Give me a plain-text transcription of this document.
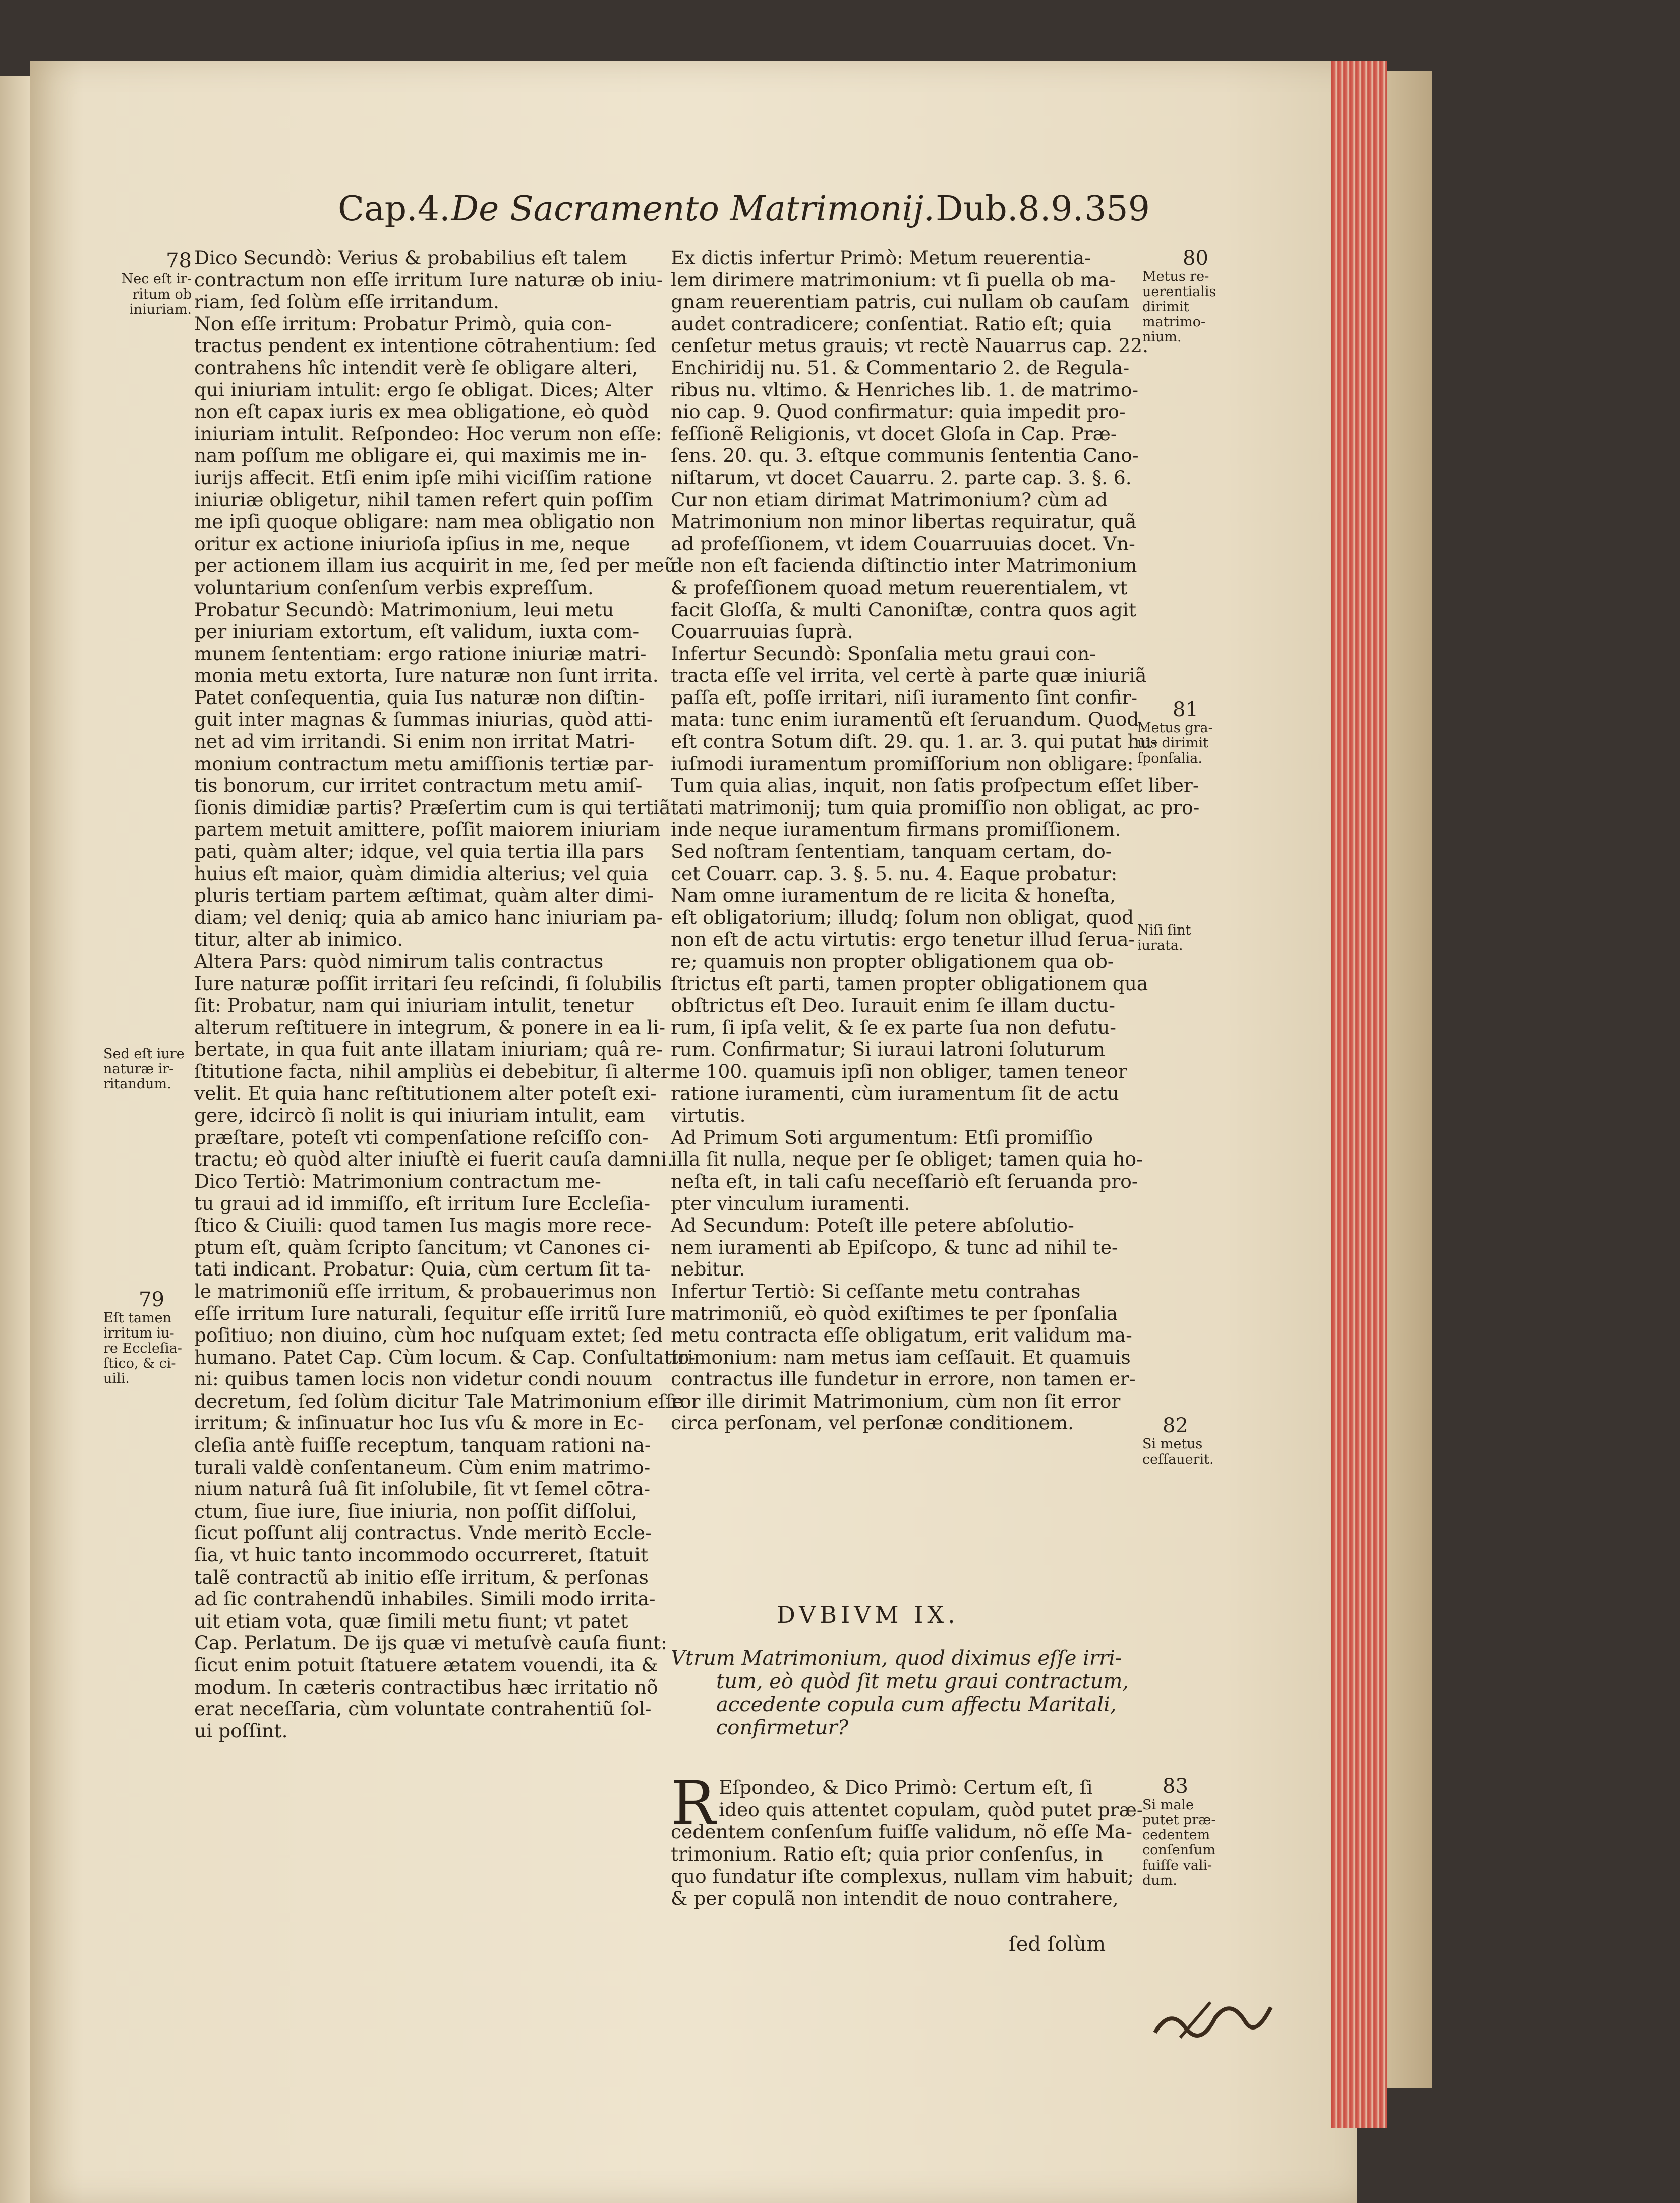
Cap.4. De Sacramento Matrimonij. Dub.8.9. 359
Dico Secundò: Verius & probabilius eſt talem
contractum non eſſe irritum Iure naturæ ob iniu-
riam, ſed ſolùm eſſe irritandum.
Non eſſe irritum: Probatur Primò, quia con-
tractus pendent ex intentione cōtrahentium: ſed
contrahens hîc intendit verè ſe obligare alteri,
qui iniuriam intulit: ergo ſe obligat. Dices; Alter
non eſt capax iuris ex mea obligatione, eò quòd
iniuriam intulit. Reſpondeo: Hoc verum non eſſe:
nam poſſum me obligare ei, qui maximis me in-
iurijs affecit. Etſi enim ipſe mihi viciſſim ratione
iniuriæ obligetur, nihil tamen refert quin poſſim
me ipſi quoque obligare: nam mea obligatio non
oritur ex actione iniurioſa ipſius in me, neque
per actionem illam ius acquirit in me, ſed per meũ
voluntarium conſenſum verbis expreſſum.
Probatur Secundò: Matrimonium, leui metu
per iniuriam extortum, eſt validum, iuxta com-
munem ſententiam: ergo ratione iniuriæ matri-
monia metu extorta, Iure naturæ non ſunt irrita.
Patet conſequentia, quia Ius naturæ non diſtin-
guit inter magnas & ſummas iniurias, quòd atti-
net ad vim irritandi. Si enim non irritat Matri-
monium contractum metu amiſſionis tertiæ par-
tis bonorum, cur irritet contractum metu amiſ-
ſionis dimidiæ partis? Præſertim cum is qui tertiã
partem metuit amittere, poſſit maiorem iniuriam
pati, quàm alter; idque, vel quia tertia illa pars
huius eſt maior, quàm dimidia alterius; vel quia
pluris tertiam partem æſtimat, quàm alter dimi-
diam; vel deniq; quia ab amico hanc iniuriam pa-
titur, alter ab inimico.
Altera Pars: quòd nimirum talis contractus
Iure naturæ poſſit irritari ſeu reſcindi, ſi ſolubilis
ſit: Probatur, nam qui iniuriam intulit, tenetur
alterum reſtituere in integrum, & ponere in ea li-
bertate, in qua fuit ante illatam iniuriam; quâ re-
ſtitutione facta, nihil ampliùs ei debebitur, ſi alter
velit. Et quia hanc reſtitutionem alter poteſt exi-
gere, idcircò ſi nolit is qui iniuriam intulit, eam
præſtare, poteſt vti compenſatione reſciſſo con-
tractu; eò quòd alter iniuſtè ei fuerit cauſa damni.
Dico Tertiò: Matrimonium contractum me-
tu graui ad id immiſſo, eſt irritum Iure Eccleſia-
ſtico & Ciuili: quod tamen Ius magis more rece-
ptum eſt, quàm ſcripto ſancitum; vt Canones ci-
tati indicant. Probatur: Quia, cùm certum ſit ta-
le matrimoniũ eſſe irritum, & probauerimus non
eſſe irritum Iure naturali, ſequitur eſſe irritũ Iure
poſitiuo; non diuino, cùm hoc nuſquam extet; ſed
humano. Patet Cap. Cùm locum. & Cap. Conſultatio-
ni: quibus tamen locis non videtur condi nouum
decretum, ſed ſolùm dicitur Tale Matrimonium eſſe
irritum; & inſinuatur hoc Ius vſu & more in Ec-
cleſia antè fuiſſe receptum, tanquam rationi na-
turali valdè conſentaneum. Cùm enim matrimo-
nium naturâ ſuâ ſit inſolubile, ſit vt ſemel cōtra-
ctum, ſiue iure, ſiue iniuria, non poſſit diſſolui,
ſicut poſſunt alij contractus. Vnde meritò Eccle-
ſia, vt huic tanto incommodo occurreret, ſtatuit
talẽ contractũ ab initio eſſe irritum, & perſonas
ad ſic contrahendũ inhabiles. Simili modo irrita-
uit etiam vota, quæ ſimili metu fiunt; vt patet
Cap. Perlatum. De ijs quæ vi metuſvè cauſa fiunt:
ſicut enim potuit ſtatuere ætatem vouendi, ita &
modum. In cæteris contractibus hæc irritatio nõ
erat neceſſaria, cùm voluntate contrahentiũ ſol-
ui poſſint.
Ex dictis infertur Primò: Metum reuerentia-
lem dirimere matrimonium: vt ſi puella ob ma-
gnam reuerentiam patris, cui nullam ob cauſam
audet contradicere; conſentiat. Ratio eſt; quia
cenſetur metus grauis; vt rectè Nauarrus cap. 22.
Enchiridij nu. 51. & Commentario 2. de Regula-
ribus nu. vltimo. & Henriches lib. 1. de matrimo-
nio cap. 9. Quod confirmatur: quia impedit pro-
feſſionẽ Religionis, vt docet Gloſa in Cap. Præ-
ſens. 20. qu. 3. eſtque communis ſententia Cano-
niſtarum, vt docet Cauarru. 2. parte cap. 3. §. 6.
Cur non etiam dirimat Matrimonium? cùm ad
Matrimonium non minor libertas requiratur, quã
ad profeſſionem, vt idem Couarruuias docet. Vn-
de non eſt facienda diſtinctio inter Matrimonium
& profeſſionem quoad metum reuerentialem, vt
facit Gloſſa, & multi Canoniſtæ, contra quos agit
Couarruuias ſuprà.
Infertur Secundò: Sponſalia metu graui con-
tracta eſſe vel irrita, vel certè à parte quæ iniuriã
paſſa eſt, poſſe irritari, niſi iuramento ſint confir-
mata: tunc enim iuramentũ eſt ſeruandum. Quod
eſt contra Sotum diſt. 29. qu. 1. ar. 3. qui putat hu-
iuſmodi iuramentum promiſſorium non obligare:
Tum quia alias, inquit, non ſatis proſpectum eſſet liber-
tati matrimonij; tum quia promiſſio non obligat, ac pro-
inde neque iuramentum firmans promiſſionem.
Sed noſtram ſententiam, tanquam certam, do-
cet Couarr. cap. 3. §. 5. nu. 4. Eaque probatur:
Nam omne iuramentum de re licita & honeſta,
eſt obligatorium; illudq; ſolum non obligat, quod
non eſt de actu virtutis: ergo tenetur illud ſerua-
re; quamuis non propter obligationem qua ob-
ſtrictus eſt parti, tamen propter obligationem qua
obſtrictus eſt Deo. Iurauit enim ſe illam ductu-
rum, ſi ipſa velit, & ſe ex parte ſua non defutu-
rum. Confirmatur; Si iuraui latroni ſoluturum
me 100. quamuis ipſi non obliger, tamen teneor
ratione iuramenti, cùm iuramentum ſit de actu
virtutis.
Ad Primum Soti argumentum: Etſi promiſſio
illa ſit nulla, neque per ſe obliget; tamen quia ho-
neſta eſt, in tali caſu neceſſariò eſt ſeruanda pro-
pter vinculum iuramenti.
Ad Secundum: Poteſt ille petere abſolutio-
nem iuramenti ab Epiſcopo, & tunc ad nihil te-
nebitur.
Infertur Tertiò: Si ceſſante metu contrahas
matrimoniũ, eò quòd exiſtimes te per ſponſalia
metu contracta eſſe obligatum, erit validum ma-
trimonium: nam metus iam ceſſauit. Et quamuis
contractus ille fundetur in errore, non tamen er-
ror ille dirimit Matrimonium, cùm non ſit error
circa perſonam, vel perſonæ conditionem.
78
Nec eſt ir-
ritum ob
iniuriam.
Sed eſt iure
naturæ ir-
ritandum.
79
Eſt tamen
irritum iu-
re Eccleſia-
ſtico, & ci-
uili.
80
Metus re-
uerentialis
dirimit
matrimo-
nium.
81
Metus gra-
uis dirimit
ſponſalia.
Niſi ſint
iurata.
82
Si metus
ceſſauerit.
83
Si male
putet præ-
cedentem
conſenſum
fuiſſe vali-
dum.
DVBIVM IX.
Vtrum Matrimonium, quod diximus eſſe irri-
tum, eò quòd ſit metu graui contractum,
accedente copula cum affectu Maritali,
confirmetur?
R Eſpondeo, & Dico Primò: Certum eſt, ſi
ideo quis attentet copulam, quòd putet præ-
cedentem conſenſum fuiſſe validum, nõ eſſe Ma-
trimonium. Ratio eſt; quia prior conſenſus, in
quo fundatur iſte complexus, nullam vim habuit;
& per copulã non intendit de nouo contrahere,
ſed ſolùm
